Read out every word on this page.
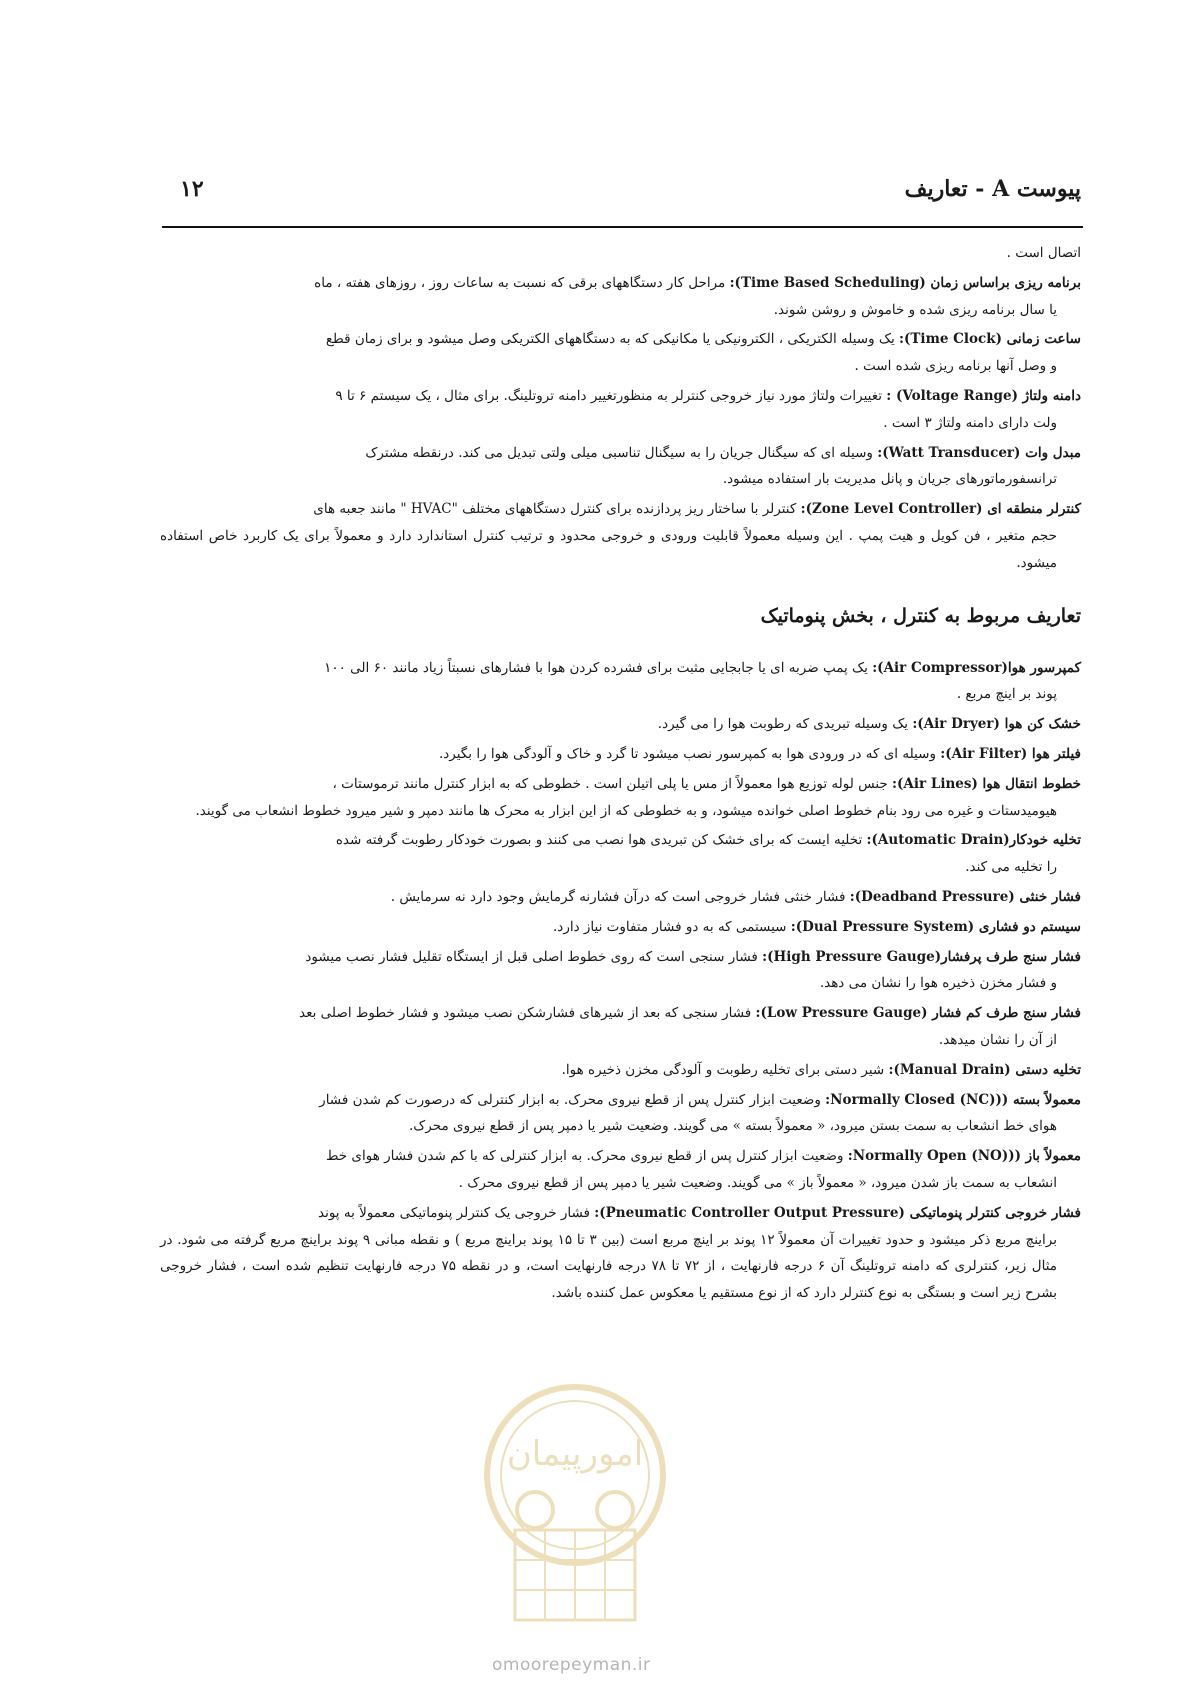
پیوست A - تعاریف
۱۲
اتصال است .
برنامه ریزی براساس زمان (Time Based Scheduling): مراحل کار دستگاههای برقی که نسبت به ساعات روز ، روزهای هفته ، ماه
یا سال برنامه ریزی شده و خاموش و روشن شوند.
ساعت زمانی (Time Clock): یک وسیله الکتریکی ، الکترونیکی یا مکانیکی که به دستگاههای الکتریکی وصل میشود و برای زمان قطع
و وصل آنها برنامه ریزی شده است .
دامنه ولتاژ (Voltage Range) : تغییرات ولتاژ مورد نیاز خروجی کنترلر به منظورتغییر دامنه تروتلینگ. برای مثال ، یک سیستم ۶ تا ۹
ولت دارای دامنه ولتاژ ۳ است .
مبدل وات (Watt Transducer): وسیله ای که سیگنال جریان را به سیگنال تناسبی میلی ولتی تبدیل می کند. درنقطه مشترک
ترانسفورماتورهای جریان و پانل مدیریت بار استفاده میشود.
کنترلر منطقه ای (Zone Level Controller): کنترلر با ساختار ریز پردازنده برای کنترل دستگاههای مختلف "HVAC " مانند جعبه های
حجم متغیر ، فن کویل و هیت پمپ . این وسیله معمولاً قابلیت ورودی و خروجی محدود و ترتیب کنترل استاندارد دارد و معمولاً برای یک کاربرد خاص استفاده میشود.
تعاریف مربوط به کنترل ، بخش پنوماتیک
کمپرسور هوا(Air Compressor): یک پمپ ضربه ای یا جابجایی مثبت برای فشرده کردن هوا با فشارهای نسبتاً زیاد مانند ۶۰ الی ۱۰۰
پوند بر اینچ مربع .
خشک کن هوا (Air Dryer): یک وسیله تبریدی که رطوبت هوا را می گیرد.
فیلتر هوا (Air Filter): وسیله ای که در ورودی هوا به کمپرسور نصب میشود تا گرد و خاک و آلودگی هوا را بگیرد.
خطوط انتقال هوا (Air Lines): جنس لوله توزیع هوا معمولاً از مس یا پلی اتیلن است . خطوطی که به ابزار کنترل مانند ترموستات ،
هیومیدستات و غیره می رود بنام خطوط اصلی خوانده میشود، و به خطوطی که از این ابزار به محرک ها مانند دمپر و شیر میرود خطوط انشعاب می گویند.
تخلیه خودکار(Automatic Drain): تخلیه ایست که برای خشک کن تبریدی هوا نصب می کنند و بصورت خودکار رطوبت گرفته شده
را تخلیه می کند.
فشار خنثی (Deadband Pressure): فشار خنثی فشار خروجی است که درآن فشارنه گرمایش وجود دارد نه سرمایش .
سیستم دو فشاری (Dual Pressure System): سیستمی که به دو فشار متفاوت نیاز دارد.
فشار سنج طرف پرفشار(High Pressure Gauge): فشار سنجی است که روی خطوط اصلی قبل از ایستگاه تقلیل فشار نصب میشود
و فشار مخزن ذخیره هوا را نشان می دهد.
فشار سنج طرف کم فشار (Low Pressure Gauge): فشار سنجی که بعد از شیرهای فشارشکن نصب میشود و فشار خطوط اصلی بعد
از آن را نشان میدهد.
تخلیه دستی (Manual Drain): شیر دستی برای تخلیه رطوبت و آلودگی مخزن ذخیره هوا.
معمولاً بسته ((Normally Closed (NC): وضعیت ابزار کنترل پس از قطع نیروی محرک. به ابزار کنترلی که درصورت کم شدن فشار
هوای خط انشعاب به سمت بستن میرود، « معمولاً بسته » می گویند. وضعیت شیر یا دمپر پس از قطع نیروی محرک.
معمولاً باز ((Normally Open (NO): وضعیت ابزار کنترل پس از قطع نیروی محرک. به ابزار کنترلی که با کم شدن فشار هوای خط
انشعاب به سمت باز شدن میرود، « معمولاً باز » می گویند. وضعیت شیر یا دمپر پس از قطع نیروی محرک .
فشار خروجی کنترلر پنوماتیکی (Pneumatic Controller Output Pressure): فشار خروجی یک کنترلر پنوماتیکی معمولاً به پوند
براینچ مربع ذکر میشود و حدود تغییرات آن معمولاً ۱۲ پوند بر اینچ مربع است (بین ۳ تا ۱۵ پوند براینچ مربع ) و نقطه مبانی ۹ پوند براینچ مربع گرفته می شود. در مثال زیر، کنترلری که دامنه تروتلینگ آن ۶ درجه فارنهایت ، از ۷۲ تا ۷۸ درجه فارنهایت است، و در نقطه ۷۵ درجه فارنهایت تنظیم شده است ، فشار خروجی بشرح زیر است و بستگی به نوع کنترلر دارد که از نوع مستقیم یا معکوس عمل کننده باشد.
امورپیمان
omoorepeyman.ir
